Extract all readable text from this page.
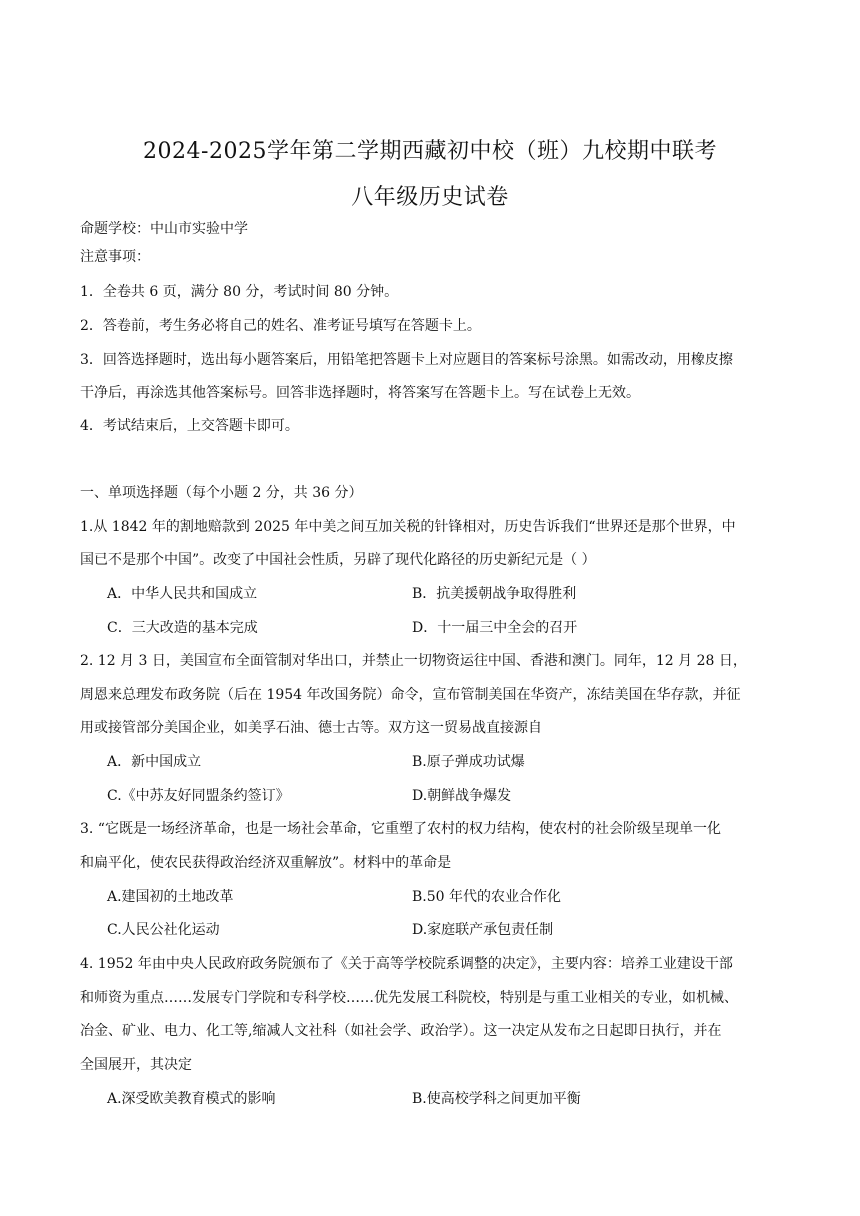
2024-2025学年第二学期西藏初中校（班）九校期中联考
八年级历史试卷
命题学校：中山市实验中学
注意事项：
1．全卷共 6 页，满分 80 分，考试时间 80 分钟。
2．答卷前，考生务必将自己的姓名、准考证号填写在答题卡上。
3．回答选择题时，选出每小题答案后，用铅笔把答题卡上对应题目的答案标号涂黑。如需改动，用橡皮擦
干净后，再涂选其他答案标号。回答非选择题时，将答案写在答题卡上。写在试卷上无效。
4．考试结束后，上交答题卡即可。
一、单项选择题（每个小题 2 分，共 36 分）
1.从 1842 年的割地赔款到 2025 年中美之间互加关税的针锋相对，历史告诉我们“世界还是那个世界，中
国已不是那个中国”。改变了中国社会性质，另辟了现代化路径的历史新纪元是（ ）
A．中华人民共和国成立	B．抗美援朝战争取得胜利
C．三大改造的基本完成	D．十一届三中全会的召开
2. 12 月 3 日，美国宣布全面管制对华出口，并禁止一切物资运往中国、香港和澳门。同年，12 月 28 日，
周恩来总理发布政务院（后在 1954 年改国务院）命令，宣布管制美国在华资产，冻结美国在华存款，并征
用或接管部分美国企业，如美孚石油、德士古等。双方这一贸易战直接源自
A．新中国成立	B.原子弹成功试爆
C.《中苏友好同盟条约签订》	D.朝鲜战争爆发
3. “它既是一场经济革命，也是一场社会革命，它重塑了农村的权力结构，使农村的社会阶级呈现单一化
和扁平化，使农民获得政治经济双重解放”。材料中的革命是
A.建国初的土地改革	B.50 年代的农业合作化
C.人民公社化运动	D.家庭联产承包责任制
4. 1952 年由中央人民政府政务院颁布了《关于高等学校院系调整的决定》，主要内容：培养工业建设干部
和师资为重点……发展专门学院和专科学校……优先发展工科院校，特别是与重工业相关的专业，如机械、
冶金、矿业、电力、化工等,缩减人文社科（如社会学、政治学）。这一决定从发布之日起即日执行，并在
全国展开，其决定
A.深受欧美教育模式的影响	B.使高校学科之间更加平衡
